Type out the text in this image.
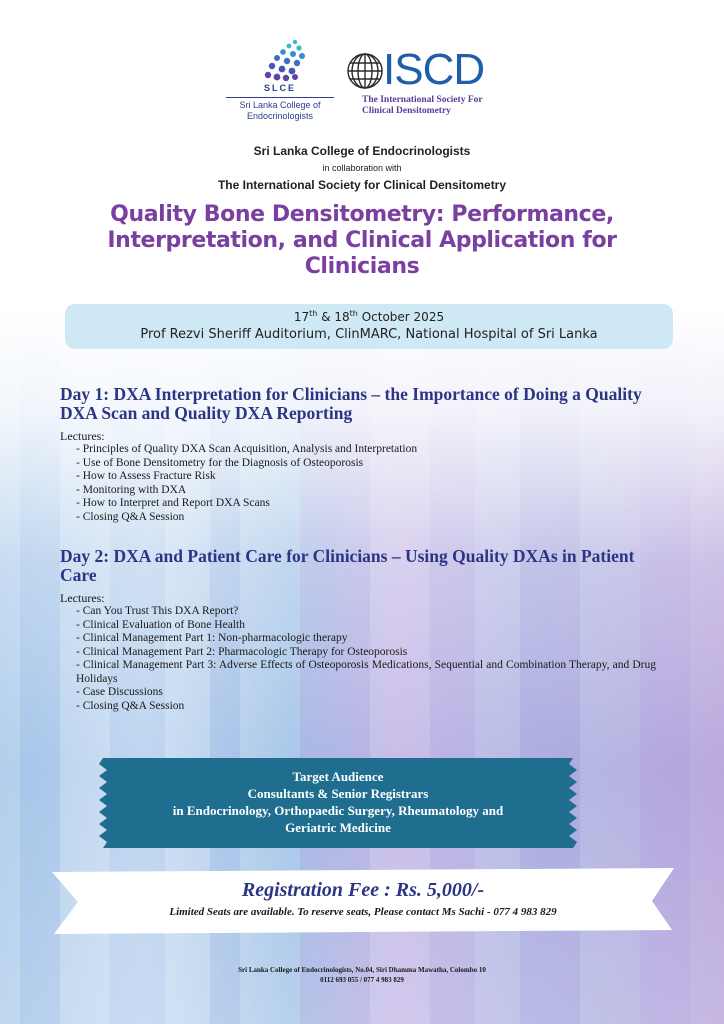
SLCE
Sri Lanka College of Endocrinologists
ISCD
The International Society For Clinical Densitometry
Sri Lanka College of Endocrinologists
in collaboration with
The International Society for Clinical Densitometry
Quality Bone Densitometry: Performance, Interpretation, and Clinical Application for Clinicians
17th & 18th October 2025
Prof Rezvi Sheriff Auditorium, ClinMARC, National Hospital of Sri Lanka
Day 1: DXA Interpretation for Clinicians – the Importance of Doing a Quality DXA Scan and Quality DXA Reporting
Lectures:
- Principles of Quality DXA Scan Acquisition, Analysis and Interpretation
- Use of Bone Densitometry for the Diagnosis of Osteoporosis
- How to Assess Fracture Risk
- Monitoring with DXA
- How to Interpret and Report DXA Scans
- Closing Q&A Session
Day 2: DXA and Patient Care for Clinicians – Using Quality DXAs in Patient Care
Lectures:
- Can You Trust This DXA Report?
- Clinical Evaluation of Bone Health
- Clinical Management Part 1: Non-pharmacologic therapy
- Clinical Management Part 2: Pharmacologic Therapy for Osteoporosis
- Clinical Management Part 3: Adverse Effects of Osteoporosis Medications, Sequential and Combination Therapy, and Drug Holidays
- Case Discussions
- Closing Q&A Session
Target Audience
Consultants & Senior Registrars
in Endocrinology, Orthopaedic Surgery, Rheumatology and
Geriatric Medicine
Registration Fee : Rs. 5,000/-
Limited Seats are available. To reserve seats, Please contact Ms Sachi - 077 4 983 829
Sri Lanka College of Endocrinologists, No.04, Siri Dhamma Mawatha, Colombo 10
0112 693 055 / 077 4 983 829
